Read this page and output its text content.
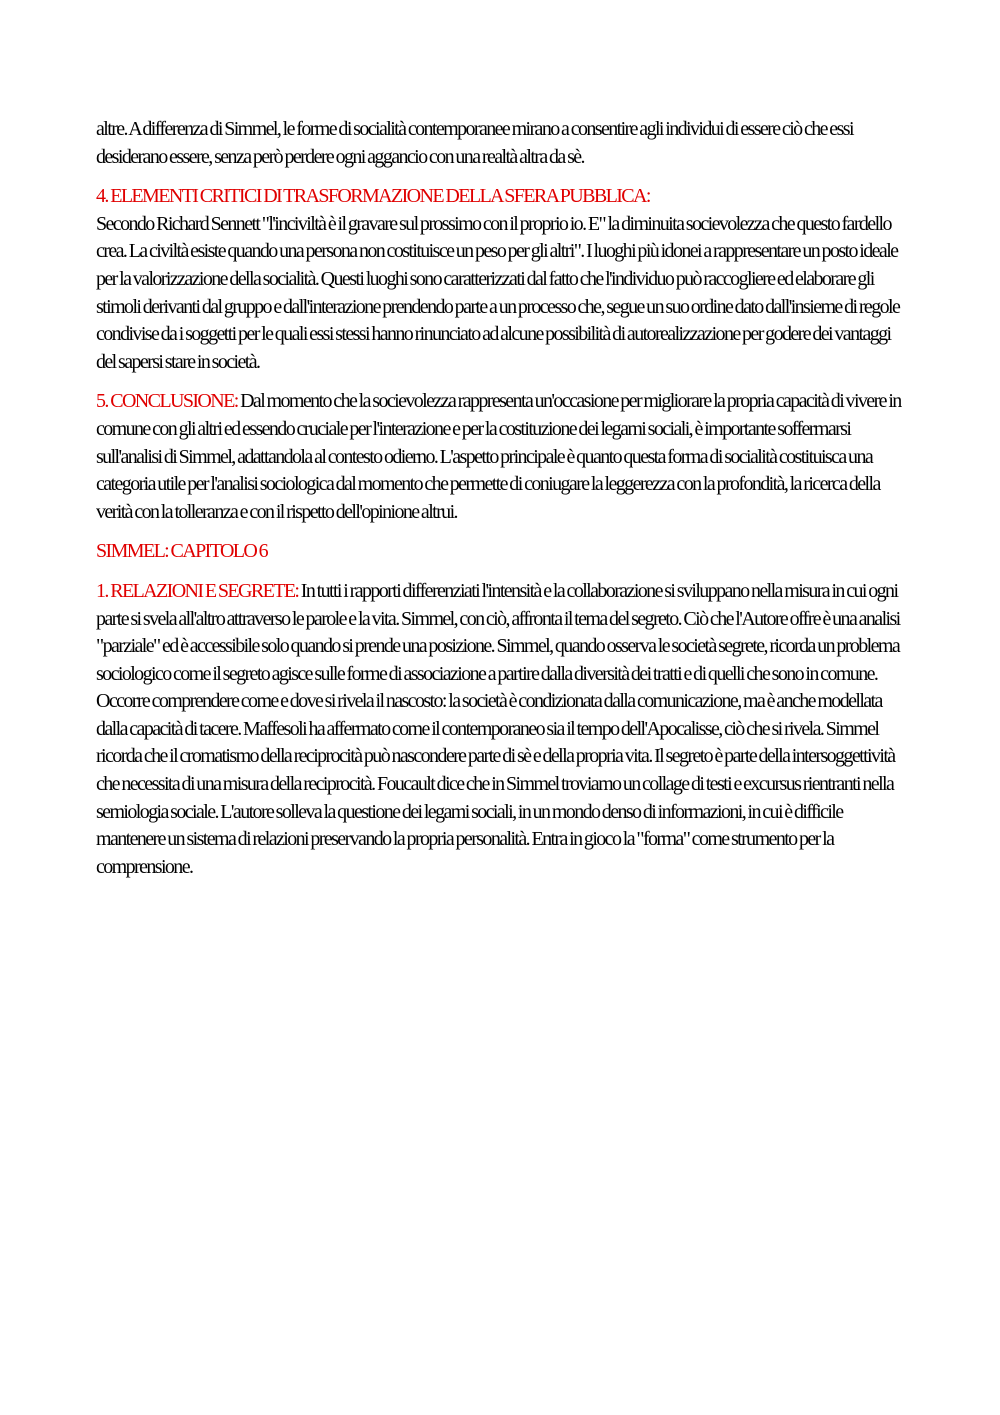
altre. A differenza di Simmel, le forme di socialità contemporanee mirano a consentire agli individui di essere ciò che essi desiderano essere, senza però perdere ogni aggancio con una realtà altra da sè.

4. ELEMENTI CRITICI DI TRASFORMAZIONE DELLA SFERA PUBBLICA:
Secondo Richard Sennett "l'inciviltà è il gravare sul prossimo con il proprio io. E" la diminuita socievolezza che questo fardello crea. La civiltà esiste quando una persona non costituisce un peso per gli altri". I luoghi più idonei a rappresentare un posto ideale per la valorizzazione della socialità. Questi luoghi sono caratterizzati dal fatto che l'individuo può raccogliere ed elaborare gli stimoli derivanti dal gruppo e dall'interazione prendendo parte a un processo che, segue un suo ordine dato dall'insieme di regole condivise da i soggetti per le quali essi stessi hanno rinunciato ad alcune possibilità di autorealizzazione per godere dei vantaggi del sapersi stare in società.

5. CONCLUSIONE: Dal momento che la socievolezza rappresenta un'occasione per migliorare la propria capacità di vivere in comune con gli altri ed essendo cruciale per l'interazione e per la costituzione dei legami sociali, è importante soffermarsi sull'analisi di Simmel, adattandola al contesto odierno. L'aspetto principale è quanto questa forma di socialità costituisca una categoria utile per l'analisi sociologica dal momento che permette di coniugare la leggerezza con la profondità, la ricerca della verità con la tolleranza e con il rispetto dell'opinione altrui.

SIMMEL: CAPITOLO 6

1. RELAZIONI E SEGRETE: In tutti i rapporti differenziati l'intensità e la collaborazione si sviluppano nella misura in cui ogni parte si svela all'altro attraverso le parole e la vita. Simmel, con ciò, affronta il tema del segreto. Ciò che l'Autore offre è una analisi "parziale" ed è accessibile solo quando si prende una posizione. Simmel, quando osserva le società segrete, ricorda un problema sociologico come il segreto agisce sulle forme di associazione a partire dalla diversità dei tratti e di quelli che sono in comune. Occorre comprendere come e dove si rivela il nascosto: la società è condizionata dalla comunicazione, ma è anche modellata dalla capacità di tacere. Maffesoli ha affermato come il contemporaneo sia il tempo dell'Apocalisse, ciò che si rivela. Simmel ricorda che il cromatismo della reciprocità può nascondere parte di sè e della propria vita. Il segreto è parte della intersoggettività che necessita di una misura della reciprocità. Foucault dice che in Simmel troviamo un collage di testi e excursus rientranti nella semiologia sociale. L'autore solleva la questione dei legami sociali, in un mondo denso di informazioni, in cui è difficile mantenere un sistema di relazioni preservando la propria personalità. Entra in gioco la "forma" come strumento per la comprensione.
